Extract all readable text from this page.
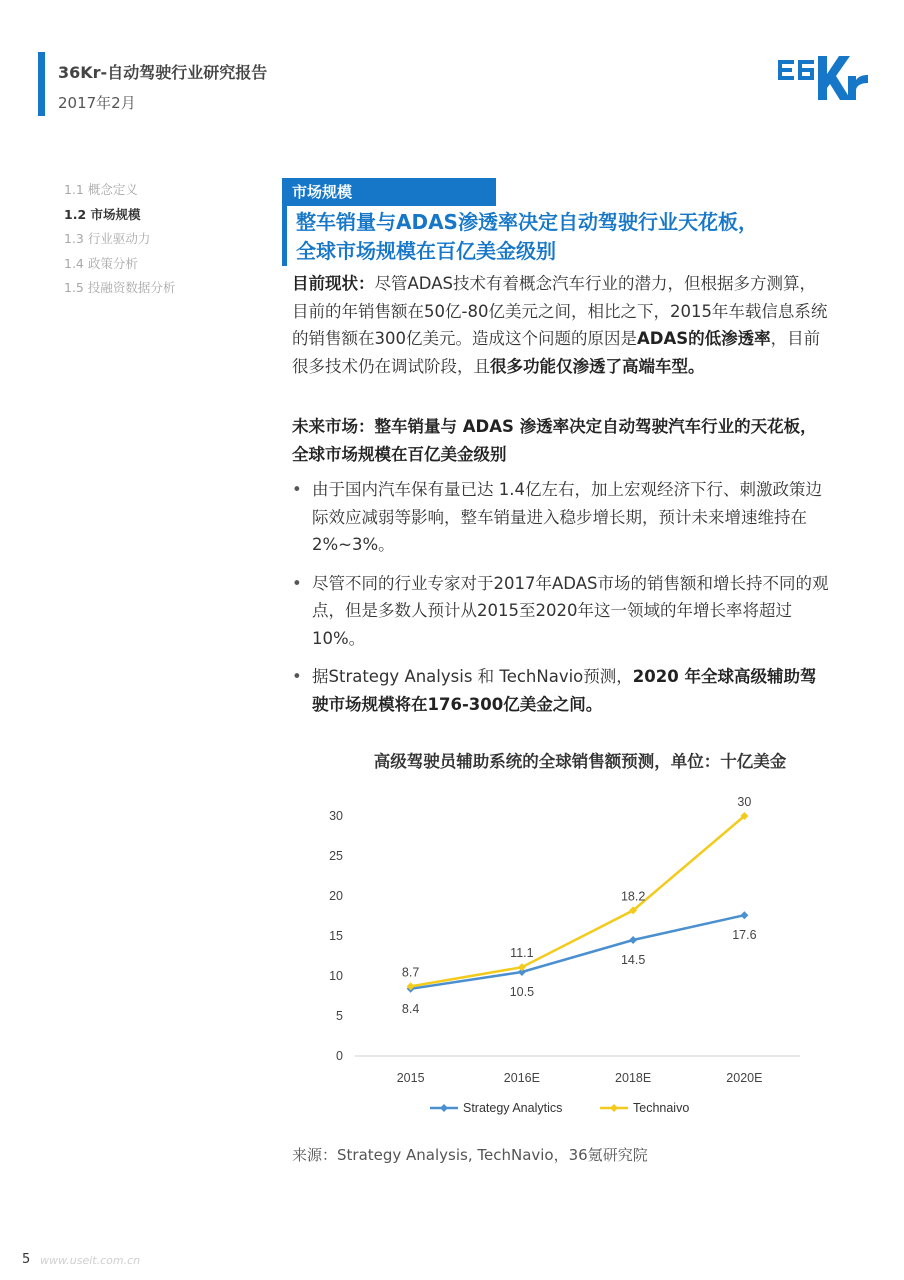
36Kr-自动驾驶行业研究报告
2017年2月
1.1 概念定义
1.2 市场规模
1.3 行业驱动力
1.4 政策分析
1.5 投融资数据分析
市场规模
整车销量与ADAS渗透率决定自动驾驶行业天花板，
全球市场规模在百亿美金级别
目前现状：尽管ADAS技术有着概念汽车行业的潜力，但根据多方测算，目前的年销售额在50亿-80亿美元之间，相比之下，2015年车载信息系统的销售额在300亿美元。造成这个问题的原因是ADAS的低渗透率，目前很多技术仍在调试阶段，且很多功能仅渗透了高端车型。
未来市场：整车销量与 ADAS 渗透率决定自动驾驶汽车行业的天花板，全球市场规模在百亿美金级别
• 由于国内汽车保有量已达 1.4亿左右，加上宏观经济下行、刺激政策边际效应减弱等影响，整车销量进入稳步增长期，预计未来增速维持在 2%~3%。
• 尽管不同的行业专家对于2017年ADAS市场的销售额和增长持不同的观点，但是多数人预计从2015至2020年这一领域的年增长率将超过10%。
• 据Strategy Analysis 和 TechNavio预测，2020 年全球高级辅助驾驶市场规模将在176-300亿美金之间。
高级驾驶员辅助系统的全球销售额预测，单位：十亿美金
0
5
10
15
20
25
30
2015	2016E	2018E	2020E
8.4
10.5
14.5
17.6
8.7
11.1
18.2
30
Strategy Analytics	Technaivo
来源：Strategy Analysis, TechNavio，36氪研究院
5 www.useit.com.cn
